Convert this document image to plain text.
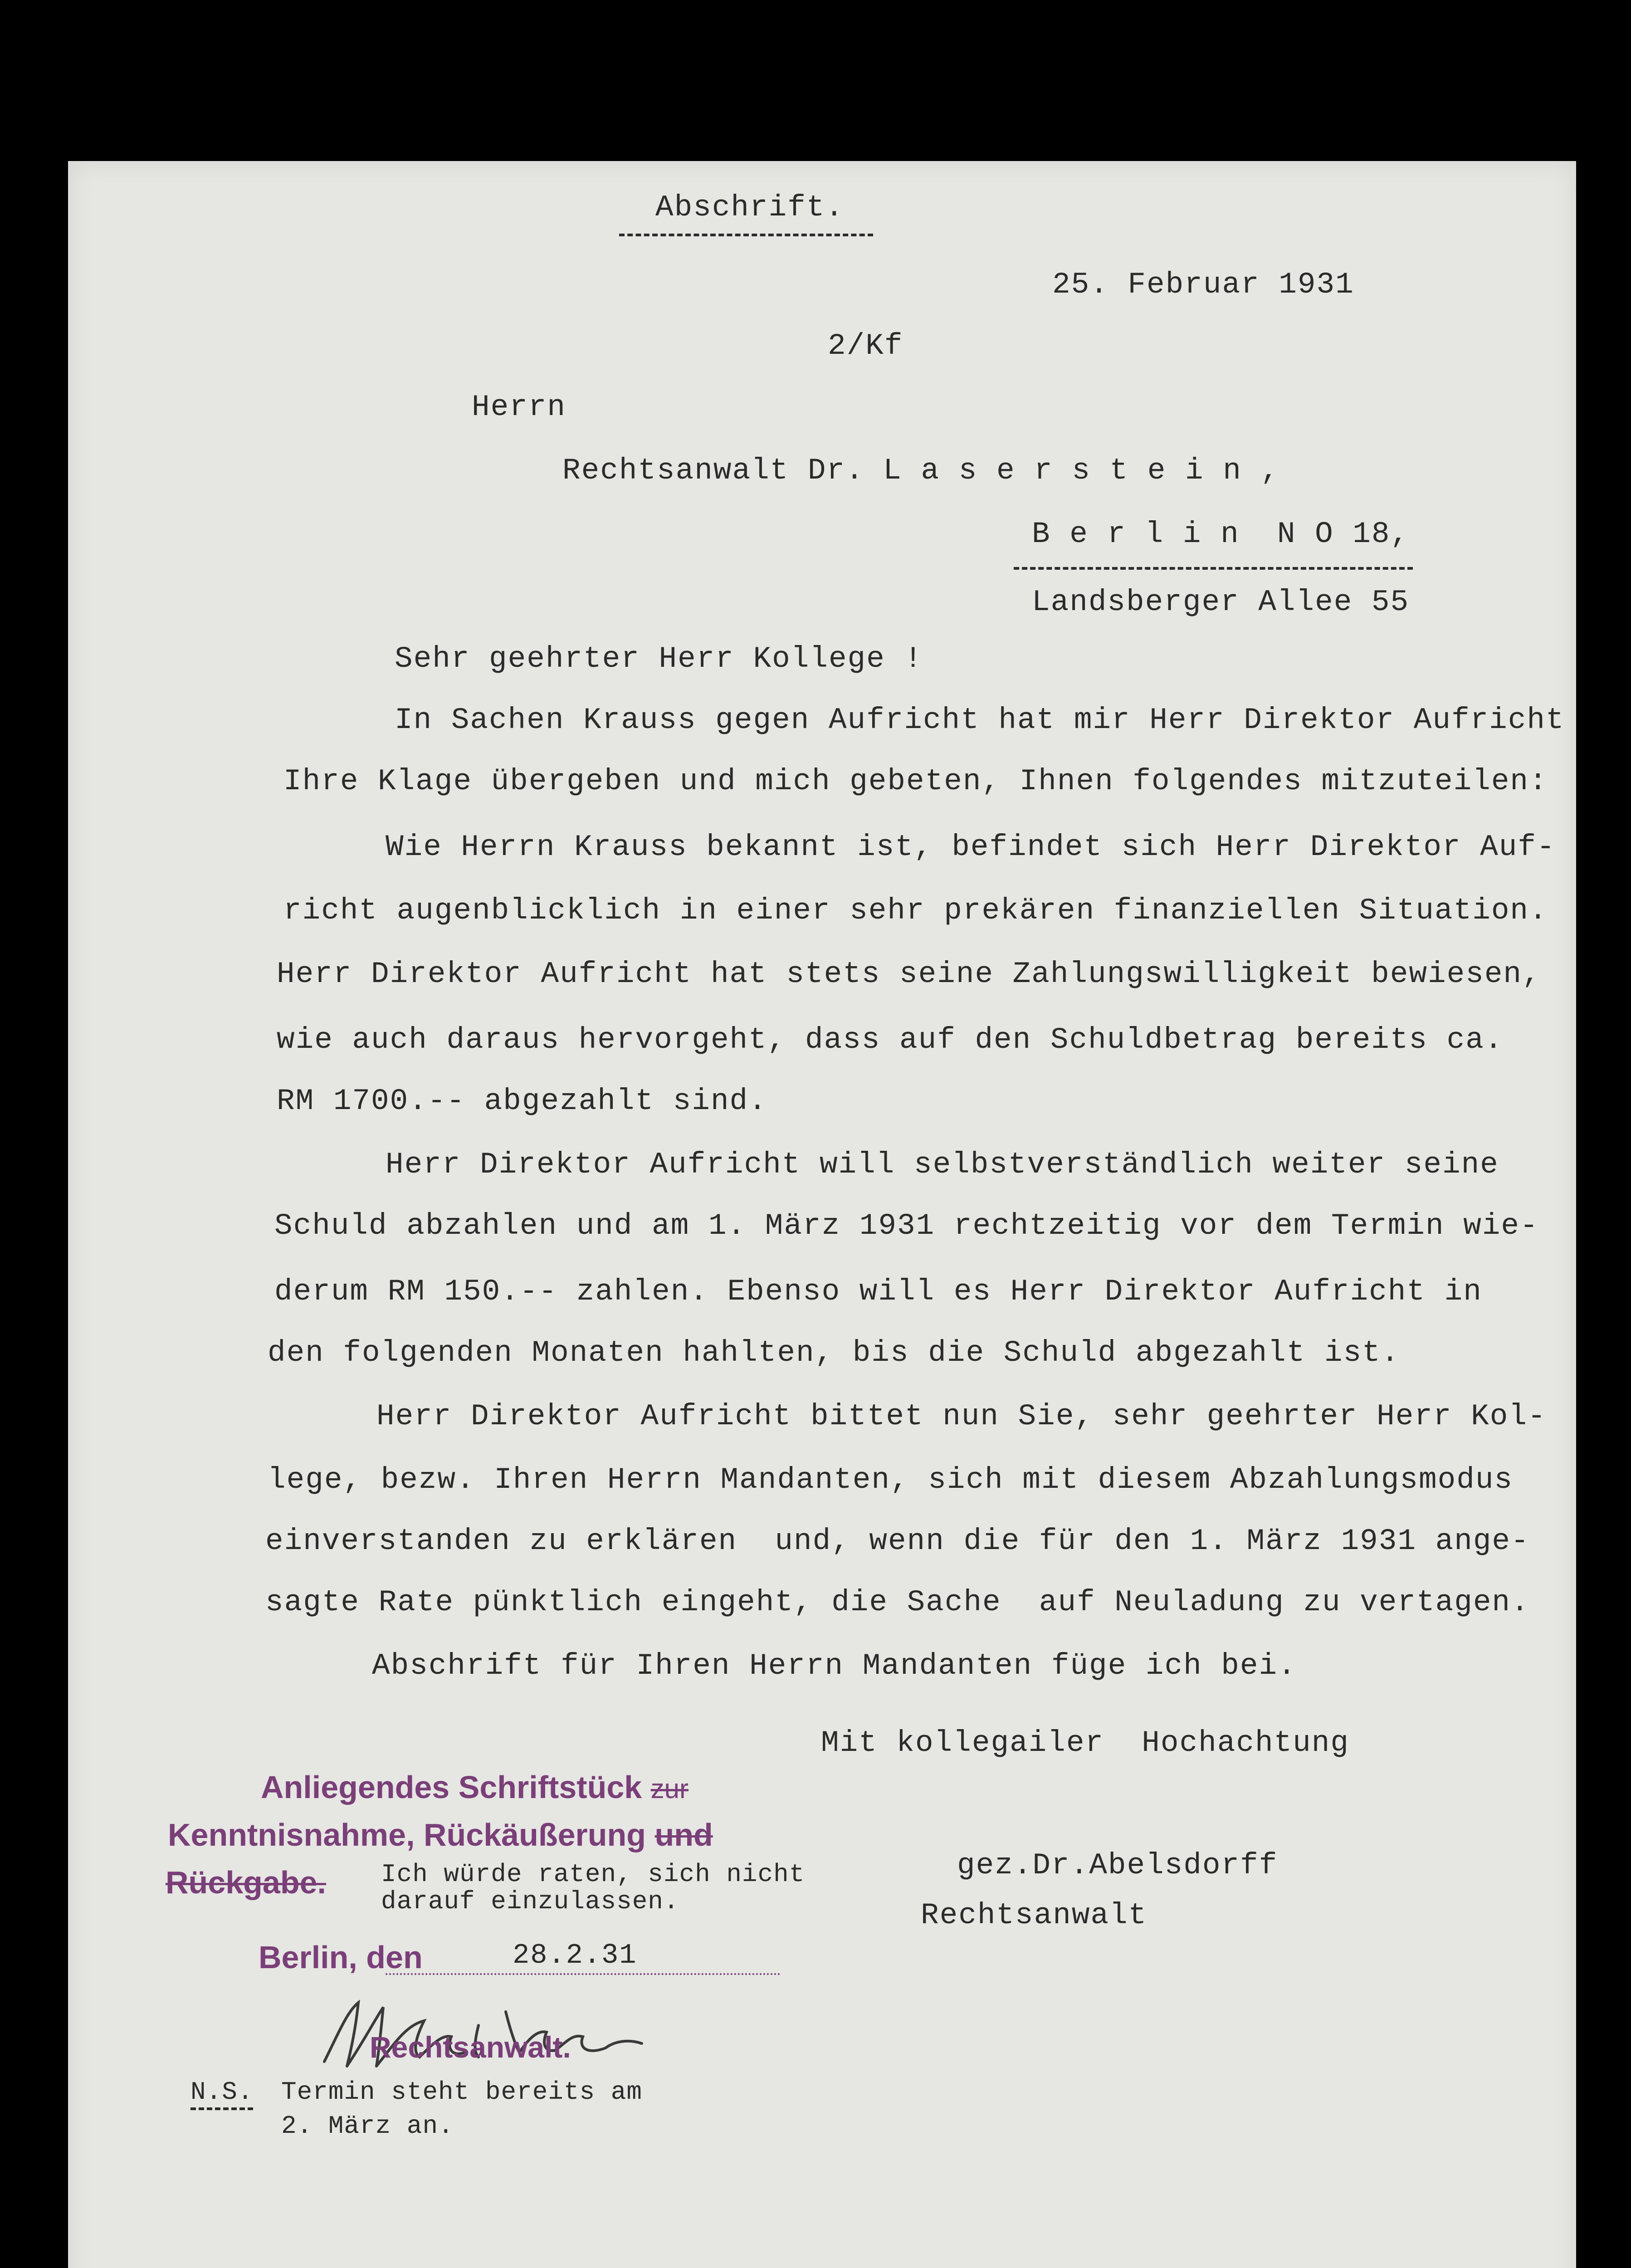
Abschrift.
25. Februar 1931
2/Kf
Herrn
Rechtsanwalt Dr. L a s e r s t e i n ,
B e r l i n  N O 18,
Landsberger Allee 55
Sehr geehrter Herr Kollege !
In Sachen Krauss gegen Aufricht hat mir Herr Direktor Aufricht
Ihre Klage übergeben und mich gebeten, Ihnen folgendes mitzuteilen:
Wie Herrn Krauss bekannt ist, befindet sich Herr Direktor Auf-
richt augenblicklich in einer sehr prekären finanziellen Situation.
Herr Direktor Aufricht hat stets seine Zahlungswilligkeit bewiesen,
wie auch daraus hervorgeht, dass auf den Schuldbetrag bereits ca.
RM 1700.-- abgezahlt sind.
Herr Direktor Aufricht will selbstverständlich weiter seine
Schuld abzahlen und am 1. März 1931 rechtzeitig vor dem Termin wie-
derum RM 150.-- zahlen. Ebenso will es Herr Direktor Aufricht in
den folgenden Monaten hahlten, bis die Schuld abgezahlt ist.
Herr Direktor Aufricht bittet nun Sie, sehr geehrter Herr Kol-
lege, bezw. Ihren Herrn Mandanten, sich mit diesem Abzahlungsmodus
einverstanden zu erklären  und, wenn die für den 1. März 1931 ange-
sagte Rate pünktlich eingeht, die Sache  auf Neuladung zu vertagen.
Abschrift für Ihren Herrn Mandanten füge ich bei.
Mit kollegailer  Hochachtung
Anliegendes Schriftstück zur
Kenntnisnahme, Rückäußerung und
Rückgabe. Ich würde raten, sich nicht
darauf einzulassen.
gez.Dr.Abelsdorff
Rechtsanwalt
Berlin, den	28.2.31
Rechtsanwalt.
N.S. Termin steht bereits am
2. März an.
